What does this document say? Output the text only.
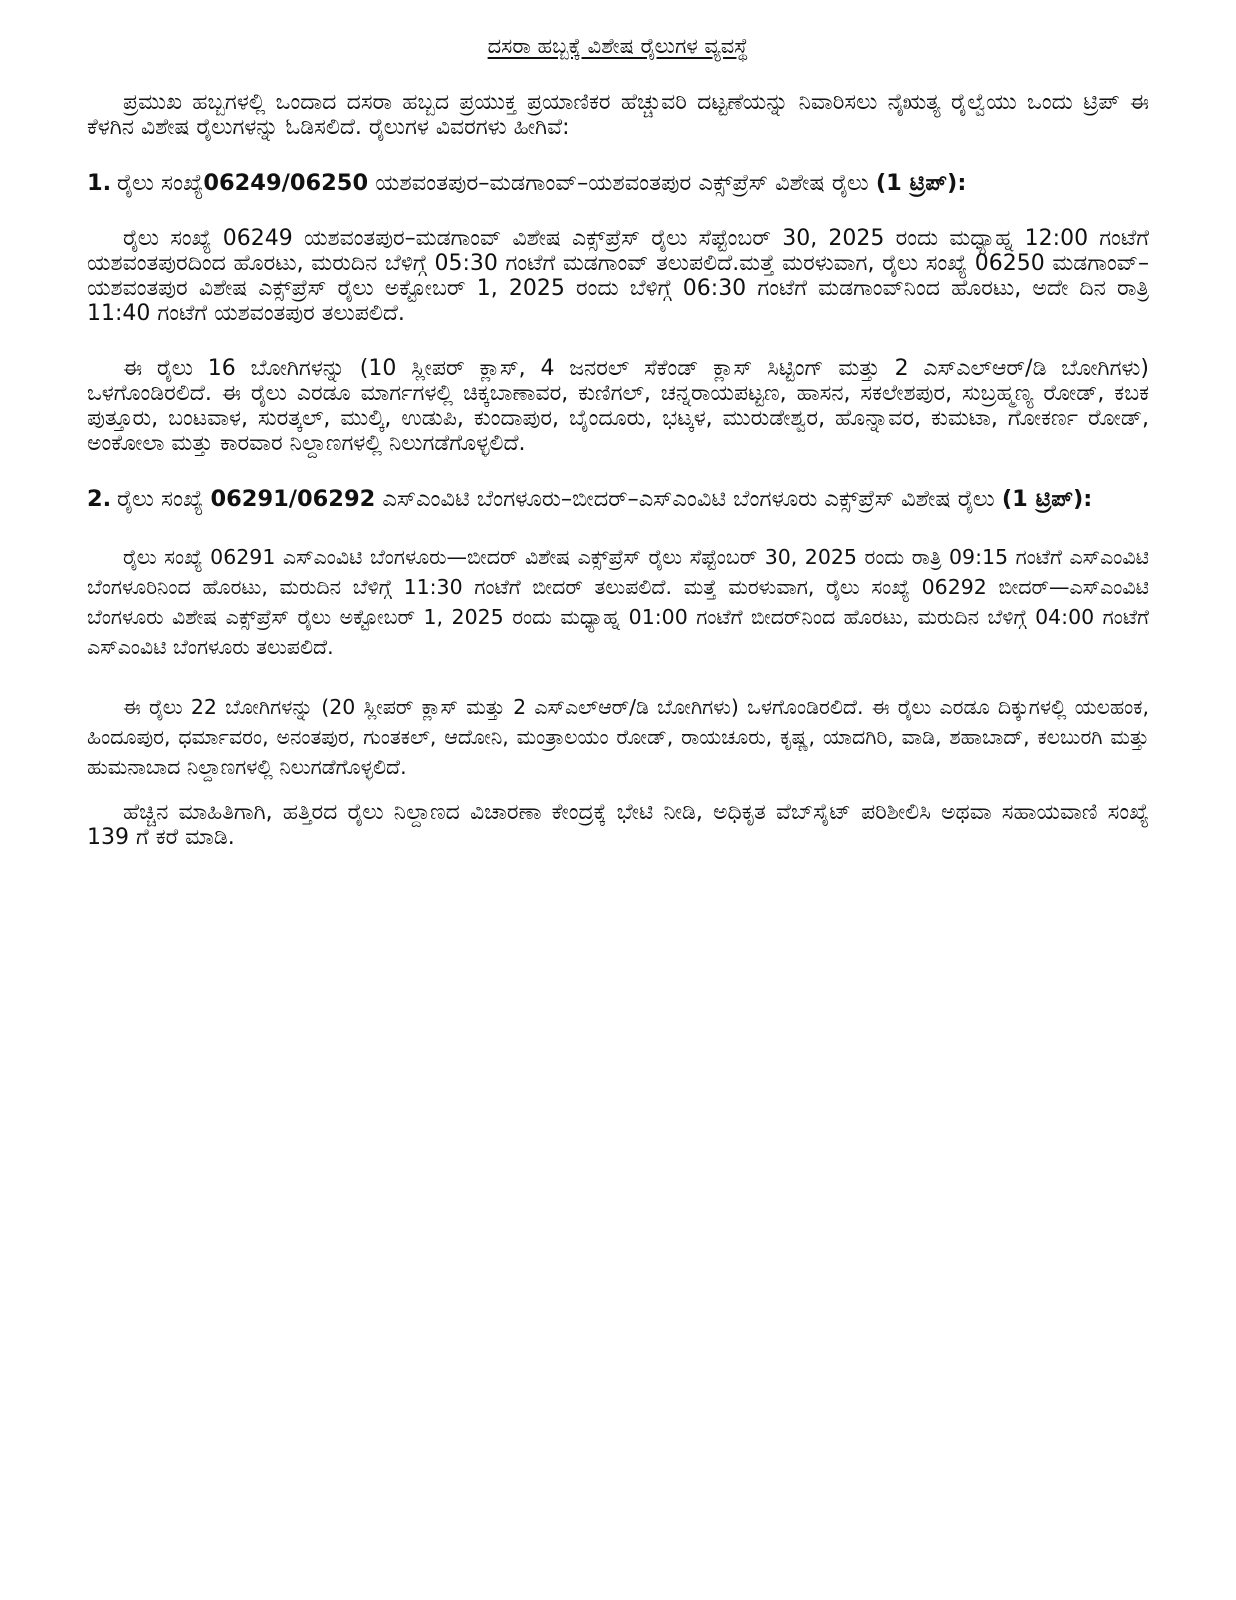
ದಸರಾ ಹಬ್ಬಕ್ಕೆ ವಿಶೇಷ ರೈಲುಗಳ ವ್ಯವಸ್ಥೆ

ಪ್ರಮುಖ ಹಬ್ಬಗಳಲ್ಲಿ ಒಂದಾದ ದಸರಾ ಹಬ್ಬದ ಪ್ರಯುಕ್ತ ಪ್ರಯಾಣಿಕರ ಹೆಚ್ಚುವರಿ ದಟ್ಟಣೆಯನ್ನು ನಿವಾರಿಸಲು ನೈಋತ್ಯ ರೈಲ್ವೆಯು ಒಂದು ಟ್ರಿಪ್ ಈ ಕೆಳಗಿನ ವಿಶೇಷ ರೈಲುಗಳನ್ನು ಓಡಿಸಲಿದೆ. ರೈಲುಗಳ ವಿವರಗಳು ಹೀಗಿವೆ:

1. ರೈಲು ಸಂಖ್ಯೆ06249/06250 ಯಶವಂತಪುರ–ಮಡಗಾಂವ್–ಯಶವಂತಪುರ ಎಕ್ಸ್‌ಪ್ರೆಸ್ ವಿಶೇಷ ರೈಲು (1 ಟ್ರಿಪ್):

ರೈಲು ಸಂಖ್ಯೆ 06249 ಯಶವಂತಪುರ–ಮಡಗಾಂವ್ ವಿಶೇಷ ಎಕ್ಸ್‌ಪ್ರೆಸ್ ರೈಲು ಸೆಪ್ಟೆಂಬರ್ 30, 2025 ರಂದು ಮಧ್ಯಾಹ್ನ 12:00 ಗಂಟೆಗೆ ಯಶವಂತಪುರದಿಂದ ಹೊರಟು, ಮರುದಿನ ಬೆಳಿಗ್ಗೆ 05:30 ಗಂಟೆಗೆ ಮಡಗಾಂವ್ ತಲುಪಲಿದೆ.ಮತ್ತೆ ಮರಳುವಾಗ, ರೈಲು ಸಂಖ್ಯೆ 06250 ಮಡಗಾಂವ್–ಯಶವಂತಪುರ ವಿಶೇಷ ಎಕ್ಸ್‌ಪ್ರೆಸ್ ರೈಲು ಅಕ್ಟೋಬರ್ 1, 2025 ರಂದು ಬೆಳಿಗ್ಗೆ 06:30 ಗಂಟೆಗೆ ಮಡಗಾಂವ್‌ನಿಂದ ಹೊರಟು, ಅದೇ ದಿನ ರಾತ್ರಿ 11:40 ಗಂಟೆಗೆ ಯಶವಂತಪುರ ತಲುಪಲಿದೆ.

ಈ ರೈಲು 16 ಬೋಗಿಗಳನ್ನು (10 ಸ್ಲೀಪರ್ ಕ್ಲಾಸ್, 4 ಜನರಲ್ ಸೆಕೆಂಡ್ ಕ್ಲಾಸ್ ಸಿಟ್ಟಿಂಗ್ ಮತ್ತು 2 ಎಸ್‌ಎಲ್‌ಆರ್/ಡಿ ಬೋಗಿಗಳು) ಒಳಗೊಂಡಿರಲಿದೆ. ಈ ರೈಲು ಎರಡೂ ಮಾರ್ಗಗಳಲ್ಲಿ ಚಿಕ್ಕಬಾಣಾವರ, ಕುಣಿಗಲ್, ಚನ್ನರಾಯಪಟ್ಟಣ, ಹಾಸನ, ಸಕಲೇಶಪುರ, ಸುಬ್ರಹ್ಮಣ್ಯ ರೋಡ್, ಕಬಕ ಪುತ್ತೂರು, ಬಂಟವಾಳ, ಸುರತ್ಕಲ್, ಮುಲ್ಕಿ, ಉಡುಪಿ, ಕುಂದಾಪುರ, ಬೈಂದೂರು, ಭಟ್ಕಳ, ಮುರುಡೇಶ್ವರ, ಹೊನ್ನಾವರ, ಕುಮಟಾ, ಗೋಕರ್ಣ ರೋಡ್, ಅಂಕೋಲಾ ಮತ್ತು ಕಾರವಾರ ನಿಲ್ದಾಣಗಳಲ್ಲಿ ನಿಲುಗಡೆಗೊಳ್ಳಲಿದೆ.

2. ರೈಲು ಸಂಖ್ಯೆ 06291/06292 ಎಸ್‌ಎಂವಿಟಿ ಬೆಂಗಳೂರು–ಬೀದರ್–ಎಸ್‌ಎಂವಿಟಿ ಬೆಂಗಳೂರು ಎಕ್ಸ್‌ಪ್ರೆಸ್ ವಿಶೇಷ ರೈಲು (1 ಟ್ರಿಪ್):

ರೈಲು ಸಂಖ್ಯೆ 06291 ಎಸ್‌ಎಂವಿಟಿ ಬೆಂಗಳೂರು—ಬೀದರ್ ವಿಶೇಷ ಎಕ್ಸ್‌ಪ್ರೆಸ್ ರೈಲು ಸೆಪ್ಟೆಂಬರ್ 30, 2025 ರಂದು ರಾತ್ರಿ 09:15 ಗಂಟೆಗೆ ಎಸ್‌ಎಂವಿಟಿ ಬೆಂಗಳೂರಿನಿಂದ ಹೊರಟು, ಮರುದಿನ ಬೆಳಿಗ್ಗೆ 11:30 ಗಂಟೆಗೆ ಬೀದರ್ ತಲುಪಲಿದೆ. ಮತ್ತೆ ಮರಳುವಾಗ, ರೈಲು ಸಂಖ್ಯೆ 06292 ಬೀದರ್—ಎಸ್‌ಎಂವಿಟಿ ಬೆಂಗಳೂರು ವಿಶೇಷ ಎಕ್ಸ್‌ಪ್ರೆಸ್ ರೈಲು ಅಕ್ಟೋಬರ್ 1, 2025 ರಂದು ಮಧ್ಯಾಹ್ನ 01:00 ಗಂಟೆಗೆ ಬೀದರ್‌ನಿಂದ ಹೊರಟು, ಮರುದಿನ ಬೆಳಿಗ್ಗೆ 04:00 ಗಂಟೆಗೆ ಎಸ್‌ಎಂವಿಟಿ ಬೆಂಗಳೂರು ತಲುಪಲಿದೆ.

ಈ ರೈಲು 22 ಬೋಗಿಗಳನ್ನು (20 ಸ್ಲೀಪರ್ ಕ್ಲಾಸ್ ಮತ್ತು 2 ಎಸ್‌ಎಲ್‌ಆರ್/ಡಿ ಬೋಗಿಗಳು) ಒಳಗೊಂಡಿರಲಿದೆ. ಈ ರೈಲು ಎರಡೂ ದಿಕ್ಕುಗಳಲ್ಲಿ ಯಲಹಂಕ, ಹಿಂದೂಪುರ, ಧರ್ಮಾವರಂ, ಅನಂತಪುರ, ಗುಂತಕಲ್, ಆದೋನಿ, ಮಂತ್ರಾಲಯಂ ರೋಡ್, ರಾಯಚೂರು, ಕೃಷ್ಣ, ಯಾದಗಿರಿ, ವಾಡಿ, ಶಹಾಬಾದ್, ಕಲಬುರಗಿ ಮತ್ತು ಹುಮನಾಬಾದ ನಿಲ್ದಾಣಗಳಲ್ಲಿ ನಿಲುಗಡೆಗೊಳ್ಳಲಿದೆ.

ಹೆಚ್ಚಿನ ಮಾಹಿತಿಗಾಗಿ, ಹತ್ತಿರದ ರೈಲು ನಿಲ್ದಾಣದ ವಿಚಾರಣಾ ಕೇಂದ್ರಕ್ಕೆ ಭೇಟಿ ನೀಡಿ, ಅಧಿಕೃತ ವೆಬ್‌ಸೈಟ್ ಪರಿಶೀಲಿಸಿ ಅಥವಾ ಸಹಾಯವಾಣಿ ಸಂಖ್ಯೆ 139 ಗೆ ಕರೆ ಮಾಡಿ.
